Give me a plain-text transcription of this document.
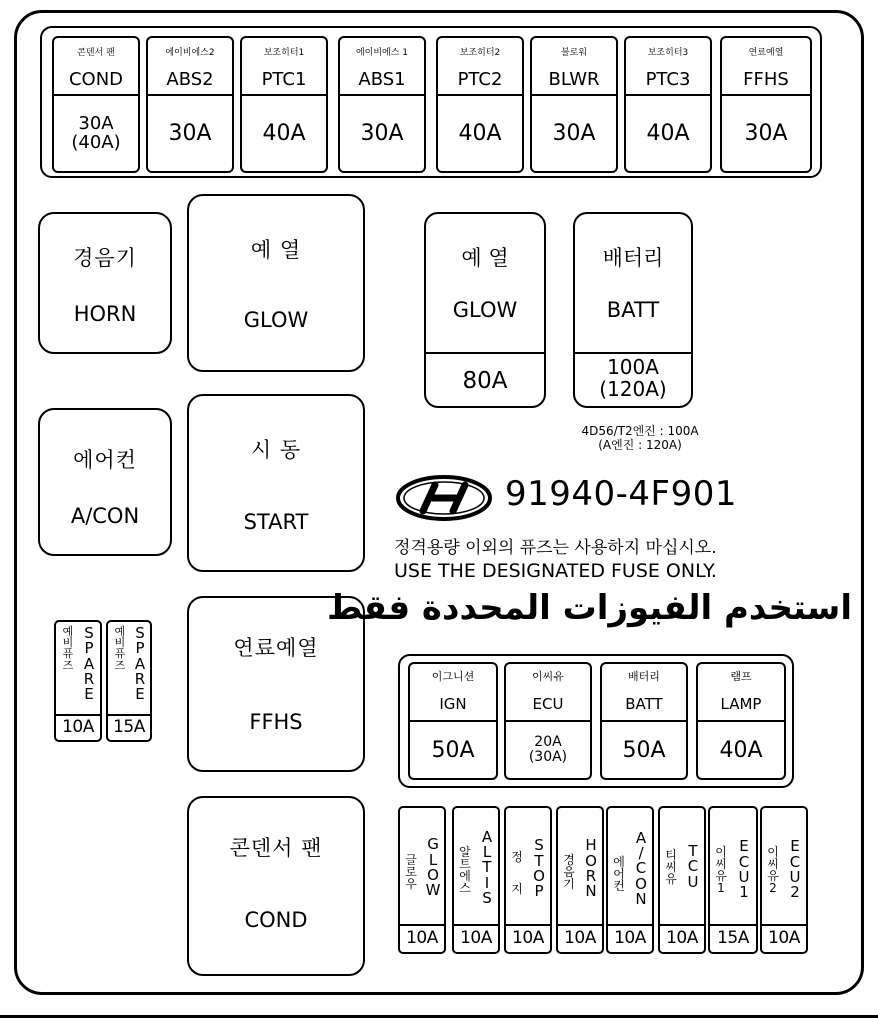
콘덴서 팬
COND
30A
(40A)
에이비에스2
ABS2
30A
보조히터1
PTC1
40A
에이비에스 1
ABS1
30A
보조히터2
PTC2
40A
블로워
BLWR
30A
보조히터3
PTC3
40A
연료예열
FFHS
30A
경음기
HORN
예 열
GLOW
에어컨
A/CON
시 동
START
연료예열
FFHS
콘덴서 팬
COND
예 열
GLOW
80A
배터리
BATT
100A
(120A)
4D56/T2엔진 : 100A
(A엔진 : 120A)
91940-4F901
정격용량 이외의 퓨즈는 사용하지 마십시오.
USE THE DESIGNATED FUSE ONLY.
استخدم الفيوزات المحددة فقط
예
비
퓨
즈
S
P
A
R
E
10A
예
비
퓨
즈
S
P
A
R
E
15A
이그니션
IGN
50A
이씨유
ECU
20A
(30A)
배터리
BATT
50A
램프
LAMP
40A
글
로
우
G
L
O
W
10A
알
트
에
스
A
L
T
I
S
10A
정
지
S
T
O
P
10A
경
음
기
H
O
R
N
10A
에
어
컨
A
/
C
O
N
10A
티
씨
유
T
C
U
10A
이
씨
유
1
E
C
U
1
15A
이
씨
유
2
E
C
U
2
10A
